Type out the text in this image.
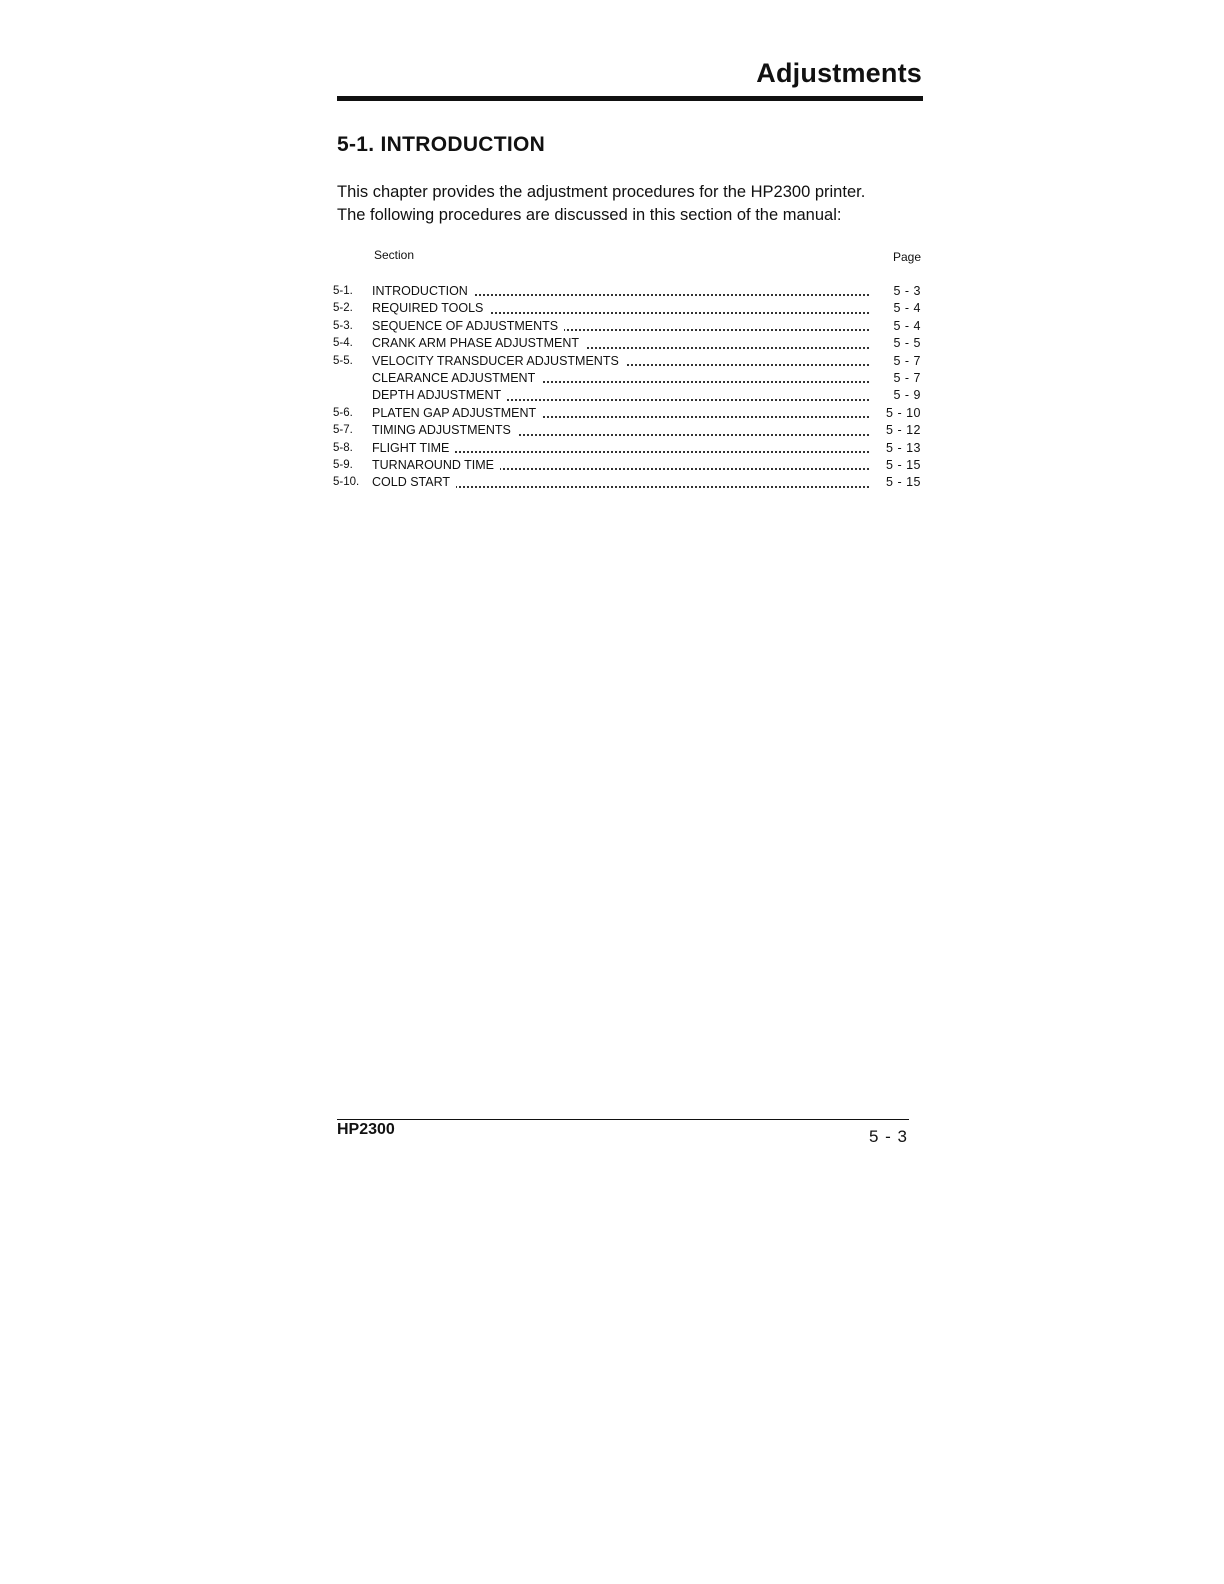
Adjustments
5-1. INTRODUCTION
This chapter provides the adjustment procedures for the HP2300 printer.
The following procedures are discussed in this section of the manual:
Section	Page
5-1.	INTRODUCTION	5 - 3
5-2.	REQUIRED TOOLS	5 - 4
5-3.	SEQUENCE OF ADJUSTMENTS	5 - 4
5-4.	CRANK ARM PHASE ADJUSTMENT	5 - 5
5-5.	VELOCITY TRANSDUCER ADJUSTMENTS	5 - 7
CLEARANCE ADJUSTMENT	5 - 7
DEPTH ADJUSTMENT	5 - 9
5-6.	PLATEN GAP ADJUSTMENT	5 - 10
5-7.	TIMING ADJUSTMENTS	5 - 12
5-8.	FLIGHT TIME	5 - 13
5-9.	TURNAROUND TIME	5 - 15
5-10.	COLD START	5 - 15
HP2300	5 - 3
